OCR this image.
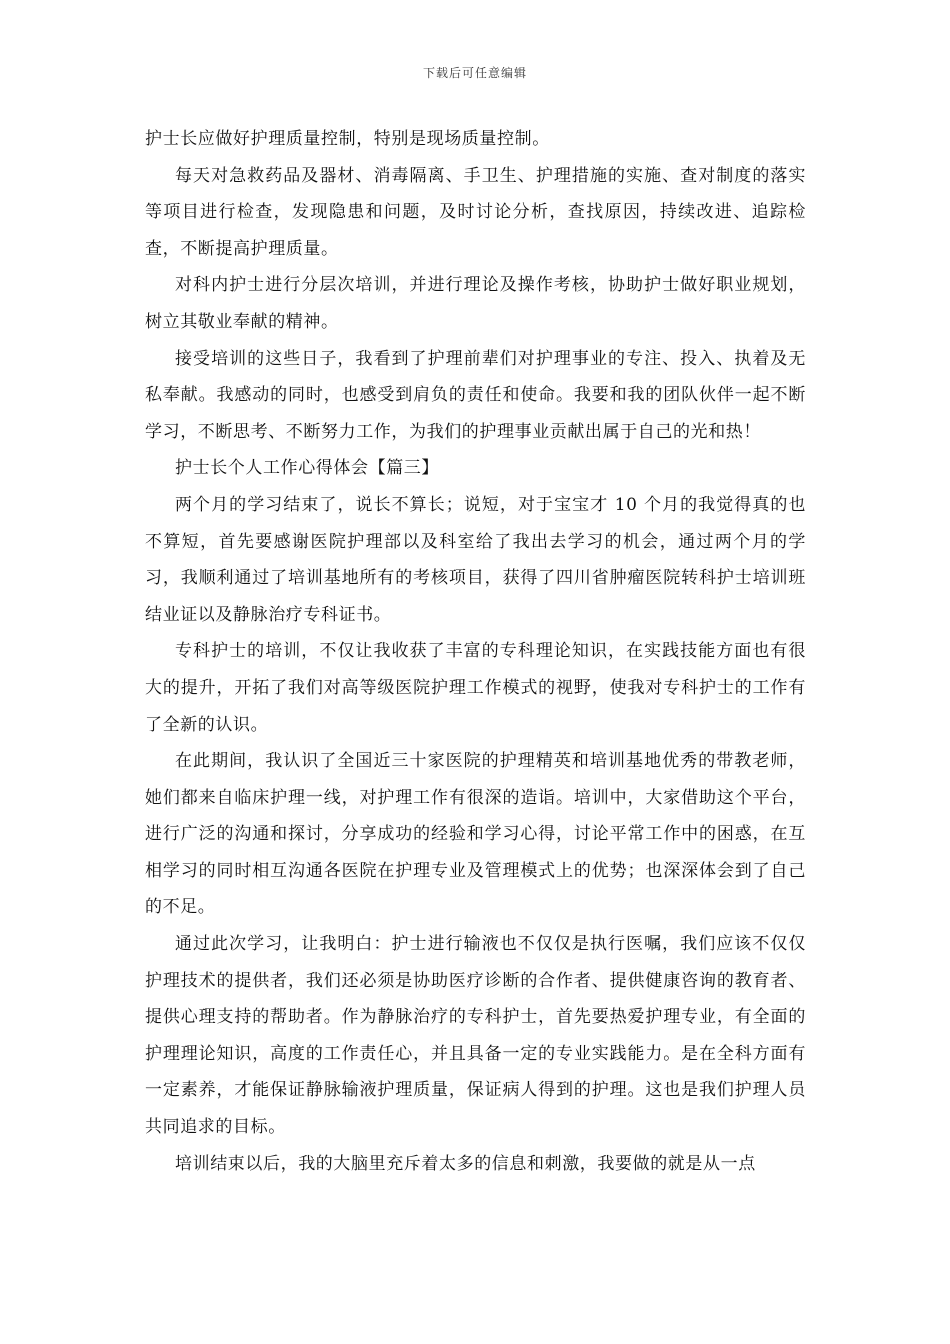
下载后可任意编辑

护士长应做好护理质量控制，特别是现场质量控制。

每天对急救药品及器材、消毒隔离、手卫生、护理措施的实施、查对制度的落实等项目进行检查，发现隐患和问题，及时讨论分析，查找原因，持续改进、追踪检查，不断提高护理质量。

对科内护士进行分层次培训，并进行理论及操作考核，协助护士做好职业规划，树立其敬业奉献的精神。

接受培训的这些日子，我看到了护理前辈们对护理事业的专注、投入、执着及无私奉献。我感动的同时，也感受到肩负的责任和使命。我要和我的团队伙伴一起不断学习，不断思考、不断努力工作，为我们的护理事业贡献出属于自己的光和热！

护士长个人工作心得体会【篇三】

两个月的学习结束了，说长不算长；说短，对于宝宝才 10 个月的我觉得真的也不算短，首先要感谢医院护理部以及科室给了我出去学习的机会，通过两个月的学习，我顺利通过了培训基地所有的考核项目，获得了四川省肿瘤医院转科护士培训班结业证以及静脉治疗专科证书。

专科护士的培训，不仅让我收获了丰富的专科理论知识，在实践技能方面也有很大的提升，开拓了我们对高等级医院护理工作模式的视野，使我对专科护士的工作有了全新的认识。

在此期间，我认识了全国近三十家医院的护理精英和培训基地优秀的带教老师，她们都来自临床护理一线，对护理工作有很深的造诣。培训中，大家借助这个平台，进行广泛的沟通和探讨，分享成功的经验和学习心得，讨论平常工作中的困惑，在互相学习的同时相互沟通各医院在护理专业及管理模式上的优势；也深深体会到了自己的不足。

通过此次学习，让我明白：护士进行输液也不仅仅是执行医嘱，我们应该不仅仅护理技术的提供者，我们还必须是协助医疗诊断的合作者、提供健康咨询的教育者、提供心理支持的帮助者。作为静脉治疗的专科护士，首先要热爱护理专业，有全面的护理理论知识，高度的工作责任心，并且具备一定的专业实践能力。是在全科方面有一定素养，才能保证静脉输液护理质量，保证病人得到的护理。这也是我们护理人员共同追求的目标。

培训结束以后，我的大脑里充斥着太多的信息和刺激，我要做的就是从一点
